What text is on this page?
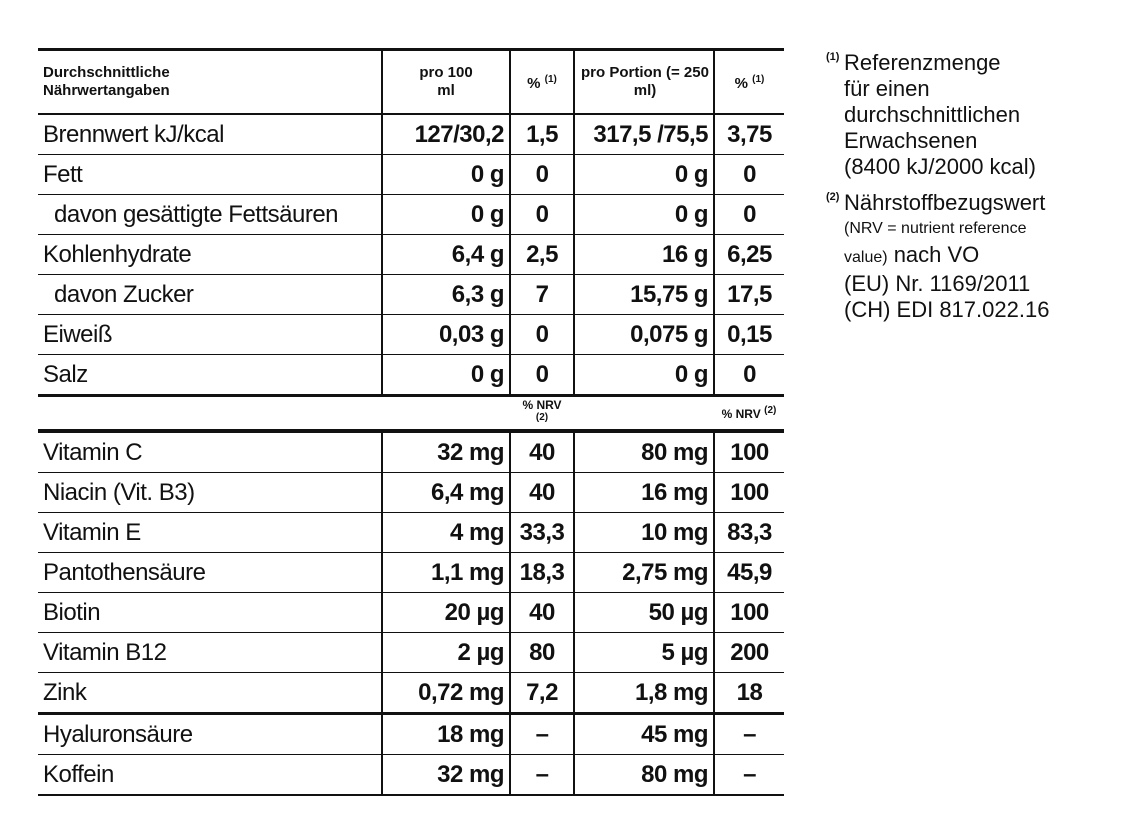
Durchschnittliche Nährwertangaben	pro 100 ml	% $^{(1)}$	pro Portion (= 250 ml)	% $^{(1)}$
Brennwert kJ/kcal	127/30,2	1,5	317,5 /75,5	3,75
Fett	0 g	0	0 g	0
davon gesättigte Fettsäuren	0 g	0	0 g	0
Kohlenhydrate	6,4 g	2,5	16 g	6,25
davon Zucker	6,3 g	7	15,75 g	17,5
Eiweiß	0,03 g	0	0,075 g	0,15
Salz	0 g	0	0 g	0
		% NRV $^{(2)}$		% NRV $^{(2)}$
Vitamin C	32 mg	40	80 mg	100
Niacin (Vit. B3)	6,4 mg	40	16 mg	100
Vitamin E	4 mg	33,3	10 mg	83,3
Pantothensäure	1,1 mg	18,3	2,75 mg	45,9
Biotin	20 µg	40	50 µg	100
Vitamin B12	2 µg	80	5 µg	200
Zink	0,72 mg	7,2	1,8 mg	18
Hyaluronsäure	18 mg	–	45 mg	–
Koffein	32 mg	–	80 mg	–
(1) Referenzmenge
für einen
durchschnittlichen
Erwachsenen
(8400 kJ/2000 kcal)
(2) Nährstoffbezugswert
(NRV = nutrient reference
value) nach VO
(EU) Nr. 1169/2011
(CH) EDI 817.022.16
